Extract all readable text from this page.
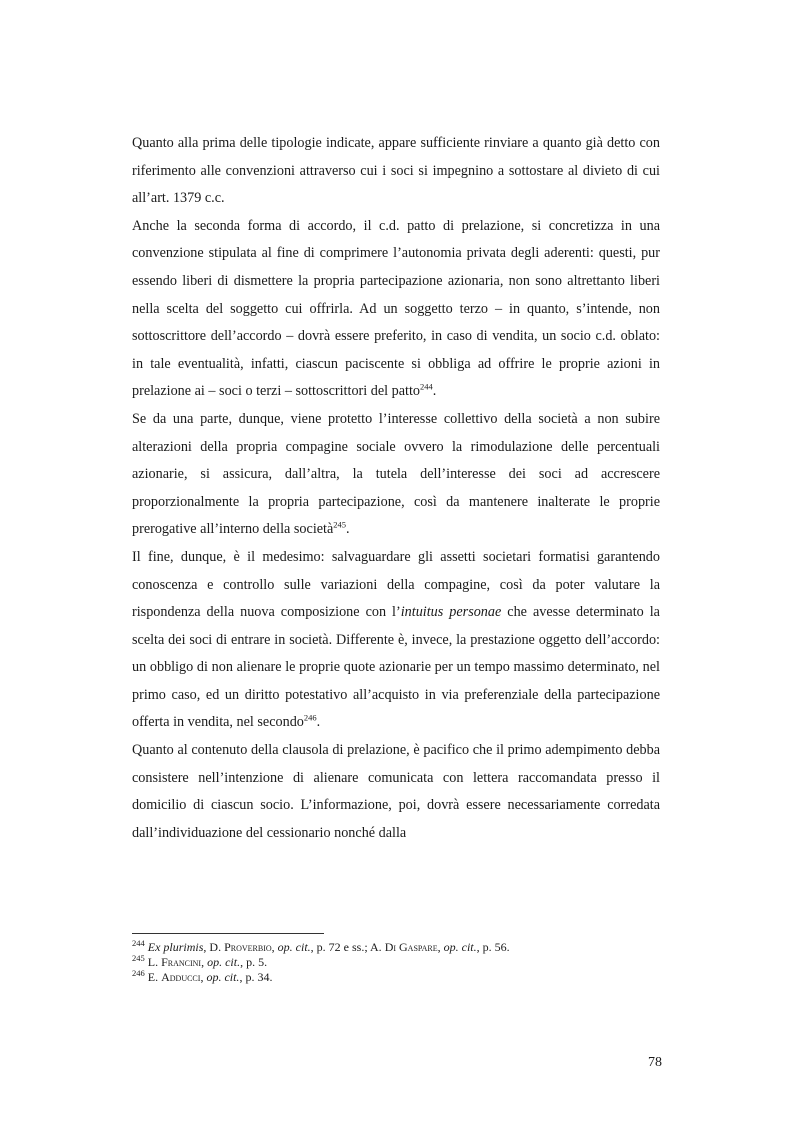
Quanto alla prima delle tipologie indicate, appare sufficiente rinviare a quanto già detto con riferimento alle convenzioni attraverso cui i soci si impegnino a sottostare al divieto di cui all’art. 1379 c.c.

Anche la seconda forma di accordo, il c.d. patto di prelazione, si concretizza in una convenzione stipulata al fine di comprimere l’autonomia privata degli aderenti: questi, pur essendo liberi di dismettere la propria partecipazione azionaria, non sono altrettanto liberi nella scelta del soggetto cui offrirla. Ad un soggetto terzo – in quanto, s’intende, non sottoscrittore dell’accordo – dovrà essere preferito, in caso di vendita, un socio c.d. oblato: in tale eventualità, infatti, ciascun paciscente si obbliga ad offrire le proprie azioni in prelazione ai – soci o terzi – sottoscrittori del patto$^{244}$.

Se da una parte, dunque, viene protetto l’interesse collettivo della società a non subire alterazioni della propria compagine sociale ovvero la rimodulazione delle percentuali azionarie, si assicura, dall’altra, la tutela dell’interesse dei soci ad accrescere proporzionalmente la propria partecipazione, così da mantenere inalterate le proprie prerogative all’interno della società$^{245}$.

Il fine, dunque, è il medesimo: salvaguardare gli assetti societari formatisi garantendo conoscenza e controllo sulle variazioni della compagine, così da poter valutare la rispondenza della nuova composizione con l’intuitus personae che avesse determinato la scelta dei soci di entrare in società. Differente è, invece, la prestazione oggetto dell’accordo: un obbligo di non alienare le proprie quote azionarie per un tempo massimo determinato, nel primo caso, ed un diritto potestativo all’acquisto in via preferenziale della partecipazione offerta in vendita, nel secondo$^{246}$.

Quanto al contenuto della clausola di prelazione, è pacifico che il primo adempimento debba consistere nell’intenzione di alienare comunicata con lettera raccomandata presso il domicilio di ciascun socio. L’informazione, poi, dovrà essere necessariamente corredata dall’individuazione del cessionario nonché dalla

$^{244}$ Ex plurimis, D. Proverbio, op. cit., p. 72 e ss.; A. Di Gaspare, op. cit., p. 56.
$^{245}$ L. Francini, op. cit., p. 5.
$^{246}$ E. Adducci, op. cit., p. 34.
78
